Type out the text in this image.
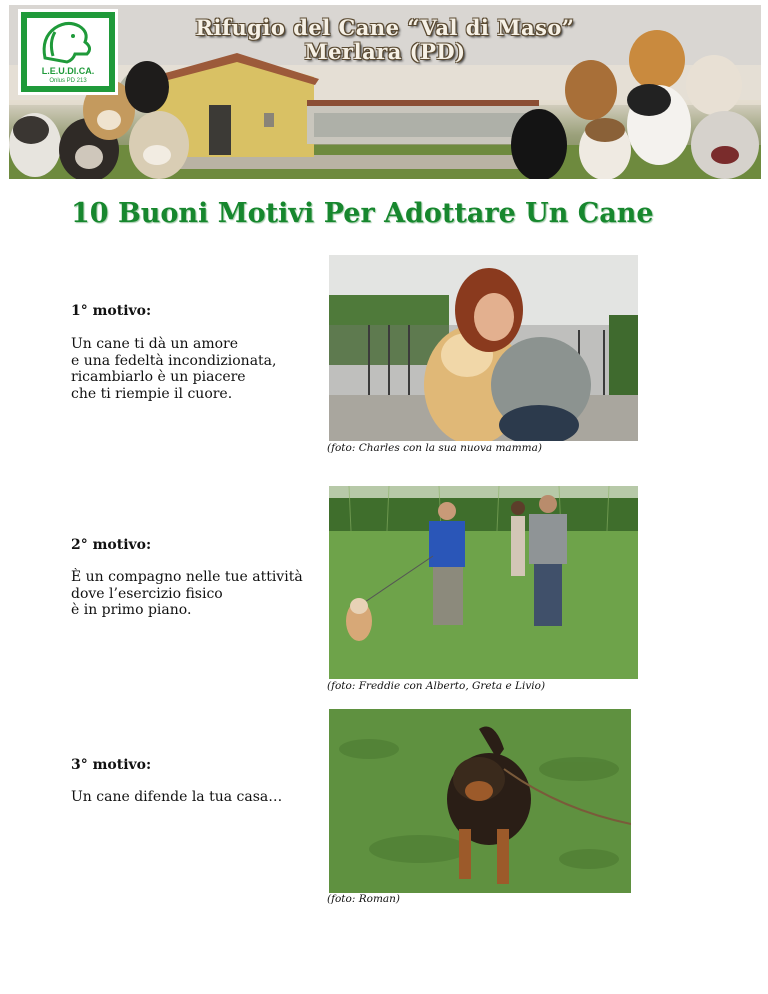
L.E.U.DI.CA.
Onlus PD 213
Rifugio del Cane “Val di Maso”
Merlara (PD)
10 Buoni Motivi Per Adottare Un Cane

1° motivo:

Un cane ti dà un amore
e una fedeltà incondizionata,
ricambiarlo è un piacere
che ti riempie il cuore.

(foto: Charles con la sua nuova mamma)

2° motivo:

È un compagno nelle tue attività
dove l’esercizio fisico
è in primo piano.

(foto: Freddie con Alberto, Greta e Livio)

3° motivo:

Un cane difende la tua casa…

(foto: Roman)
